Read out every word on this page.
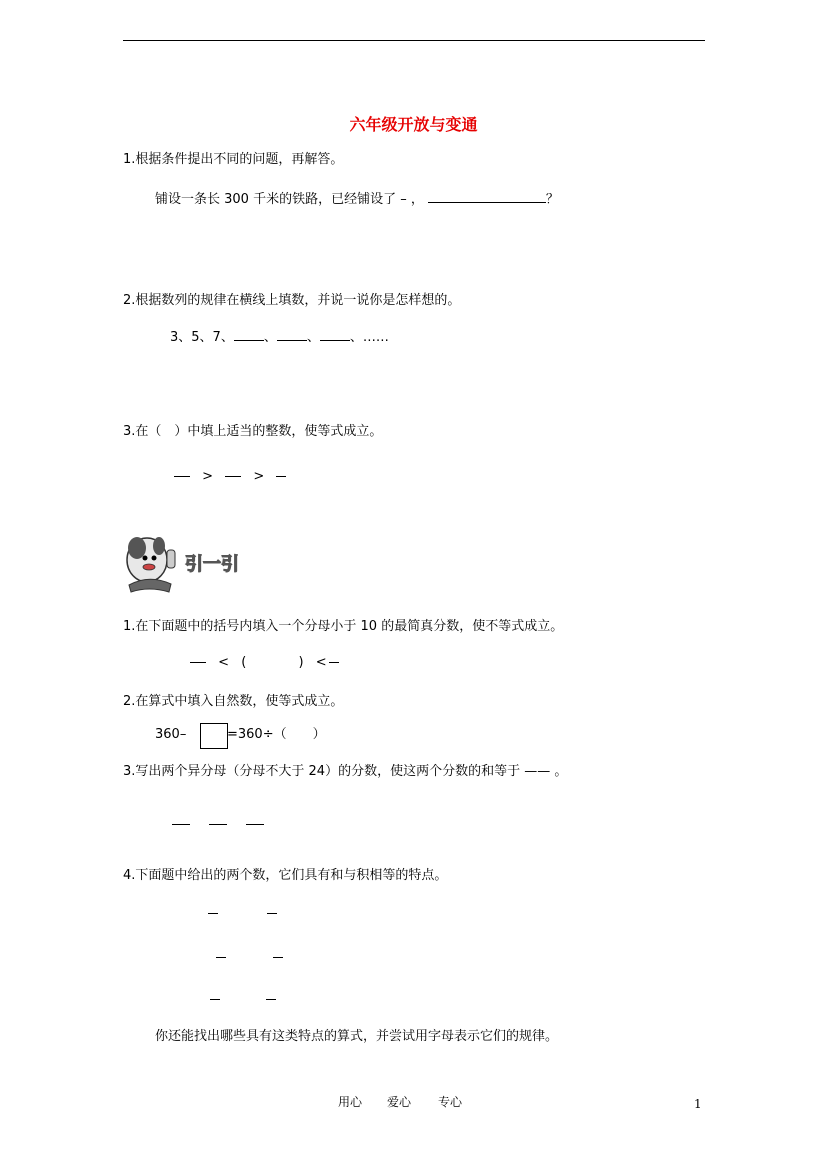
六年级开放与变通
1.根据条件提出不同的问题，再解答。
铺设一条长 300 千米的铁路，已经铺设了 – ，	？
2.根据数列的规律在横线上填数，并说一说你是怎样想的。
3、5、7、 、 、 、……
3.在（　）中填上适当的整数，使等式成立。
>	>
引一引
1.在下面题中的括号内填入一个分母小于 10 的最简真分数，使不等式成立。
< (	) <
2.在算式中填入自然数，使等式成立。
360–	=360÷（　　）
3.写出两个异分母（分母不大于 24）的分数，使这两个分数的和等于 —— 。
4.下面题中给出的两个数，它们具有和与积相等的特点。
你还能找出哪些具有这类特点的算式，并尝试用字母表示它们的规律。
用心 爱心 专心	1
